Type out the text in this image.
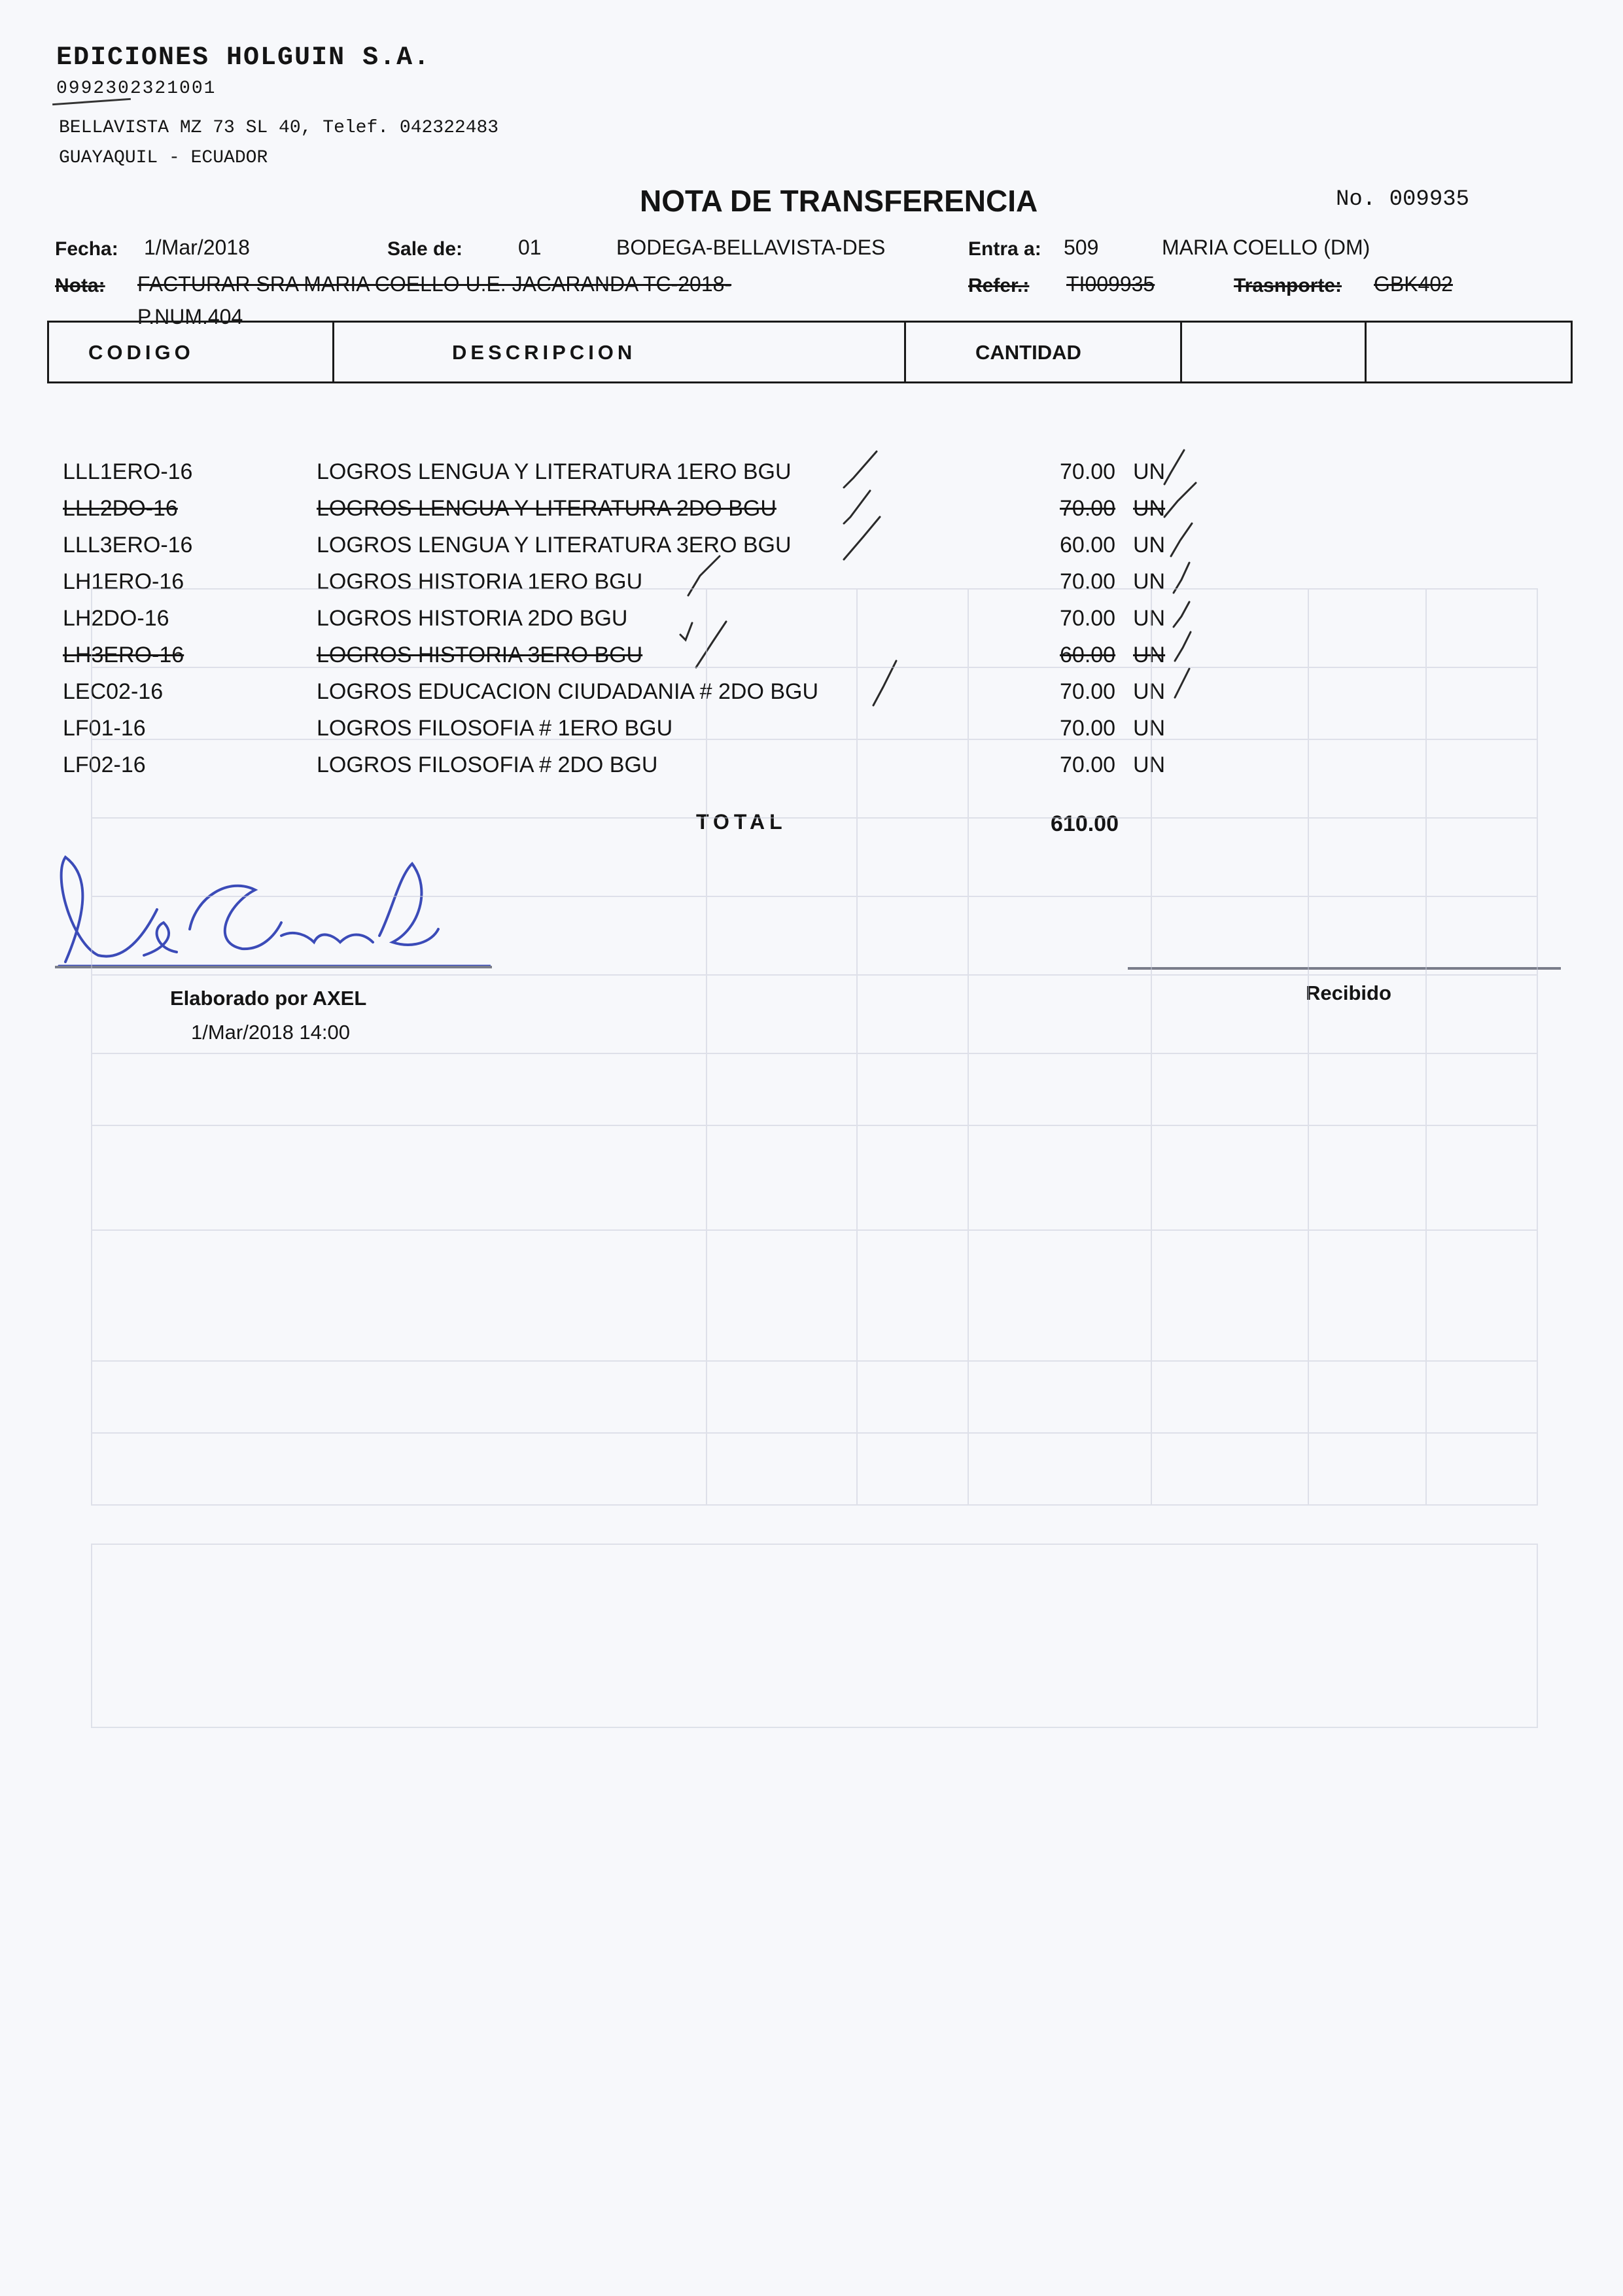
EDICIONES HOLGUIN S.A.
0992302321001
BELLAVISTA MZ 73 SL 40, Telef. 042322483
GUAYAQUIL - ECUADOR
NOTA DE TRANSFERENCIA	No. 009935
Fecha: 1/Mar/2018	Sale de:	01	BODEGA-BELLAVISTA-DES	Entra a: 509	MARIA COELLO (DM)
Nota: FACTURAR SRA MARIA COELLO U.E. JACARANDA TC-2018-
P.NUM.404
Refer.: TI009935	Trasnporte: GBK402
CODIGO	DESCRIPCION	CANTIDAD
LLL1ERO-16	LOGROS LENGUA Y LITERATURA 1ERO BGU	70.00 UN
LLL2DO-16	LOGROS LENGUA Y LITERATURA 2DO BGU	70.00 UN
LLL3ERO-16	LOGROS LENGUA Y LITERATURA 3ERO BGU	60.00 UN
LH1ERO-16	LOGROS HISTORIA 1ERO BGU	70.00 UN
LH2DO-16	LOGROS HISTORIA 2DO BGU	70.00 UN
LH3ERO-16	LOGROS HISTORIA 3ERO BGU	60.00 UN
LEC02-16	LOGROS EDUCACION CIUDADANIA # 2DO BGU	70.00 UN
LF01-16	LOGROS FILOSOFIA # 1ERO BGU	70.00 UN
LF02-16	LOGROS FILOSOFIA # 2DO BGU	70.00 UN
TOTAL	610.00
Elaborado por AXEL
1/Mar/2018 14:00
Recibido
